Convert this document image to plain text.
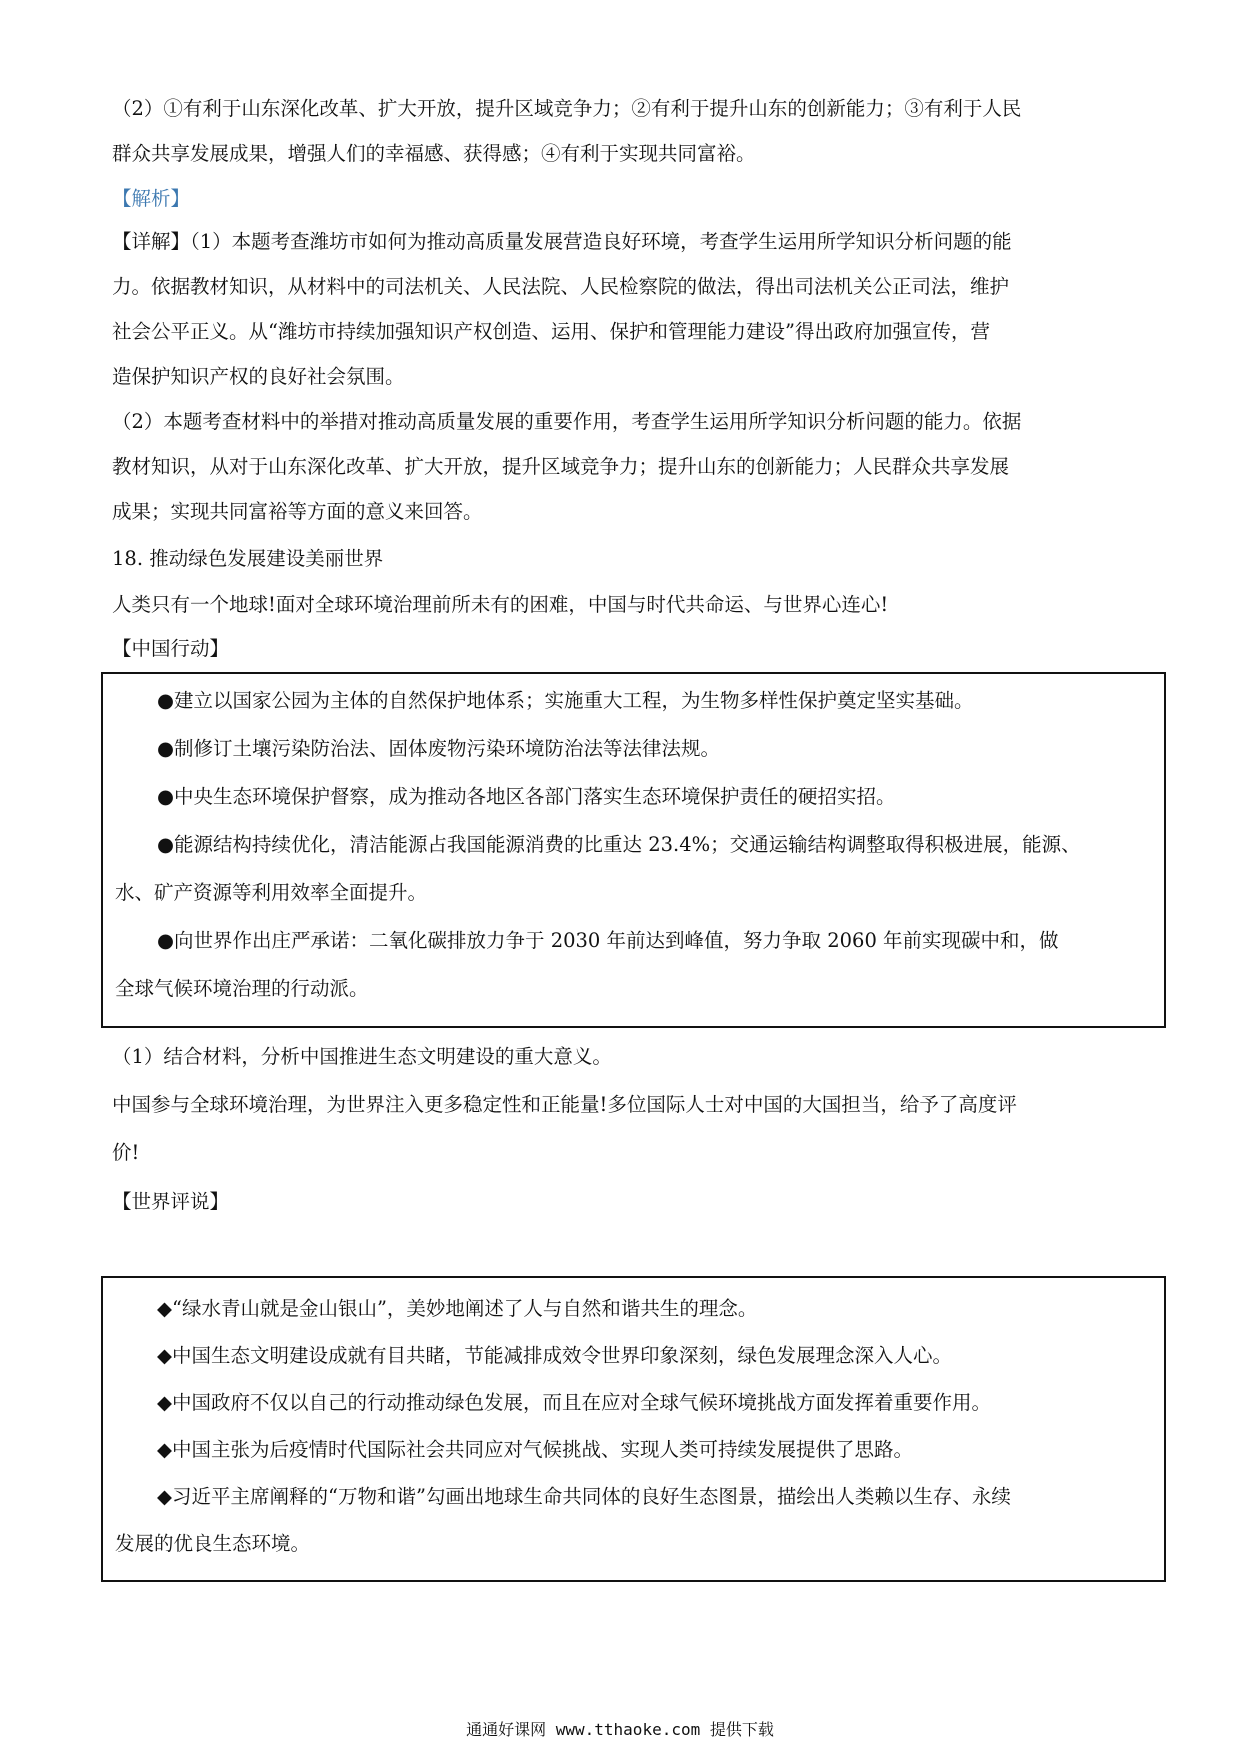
（2）①有利于山东深化改革、扩大开放，提升区域竞争力；②有利于提升山东的创新能力；③有利于人民
群众共享发展成果，增强人们的幸福感、获得感；④有利于实现共同富裕。
【解析】
【详解】（1）本题考查潍坊市如何为推动高质量发展营造良好环境，考查学生运用所学知识分析问题的能
力。依据教材知识，从材料中的司法机关、人民法院、人民检察院的做法，得出司法机关公正司法，维护
社会公平正义。从“潍坊市持续加强知识产权创造、运用、保护和管理能力建设”得出政府加强宣传，营
造保护知识产权的良好社会氛围。
（2）本题考查材料中的举措对推动高质量发展的重要作用，考查学生运用所学知识分析问题的能力。依据
教材知识，从对于山东深化改革、扩大开放，提升区域竞争力；提升山东的创新能力；人民群众共享发展
成果；实现共同富裕等方面的意义来回答。
18. 推动绿色发展建设美丽世界
人类只有一个地球!面对全球环境治理前所未有的困难，中国与时代共命运、与世界心连心!
【中国行动】
●建立以国家公园为主体的自然保护地体系；实施重大工程，为生物多样性保护奠定坚实基础。
●制修订土壤污染防治法、固体废物污染环境防治法等法律法规。
●中央生态环境保护督察，成为推动各地区各部门落实生态环境保护责任的硬招实招。
●能源结构持续优化，清洁能源占我国能源消费的比重达 23.4%；交通运输结构调整取得积极进展，能源、
水、矿产资源等利用效率全面提升。
●向世界作出庄严承诺：二氧化碳排放力争于 2030 年前达到峰值，努力争取 2060 年前实现碳中和，做
全球气候环境治理的行动派。
（1）结合材料，分析中国推进生态文明建设的重大意义。
中国参与全球环境治理，为世界注入更多稳定性和正能量!多位国际人士对中国的大国担当，给予了高度评
价!
【世界评说】
◆“绿水青山就是金山银山”，美妙地阐述了人与自然和谐共生的理念。
◆中国生态文明建设成就有目共睹，节能减排成效令世界印象深刻，绿色发展理念深入人心。
◆中国政府不仅以自己的行动推动绿色发展，而且在应对全球气候环境挑战方面发挥着重要作用。
◆中国主张为后疫情时代国际社会共同应对气候挑战、实现人类可持续发展提供了思路。
◆习近平主席阐释的“万物和谐”勾画出地球生命共同体的良好生态图景，描绘出人类赖以生存、永续
发展的优良生态环境。
通通好课网 www.tthaoke.com 提供下载
